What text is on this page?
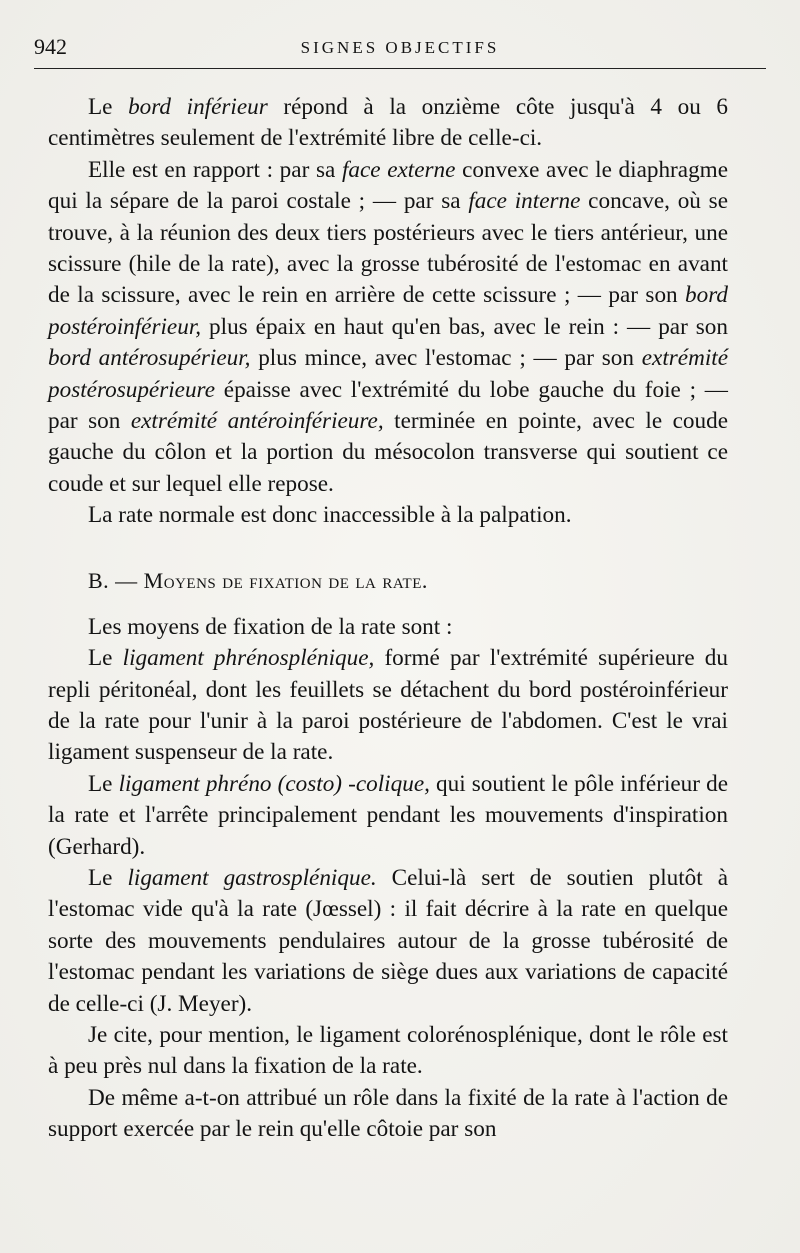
942	SIGNES OBJECTIFS

Le bord inférieur répond à la onzième côte jusqu'à 4 ou 6 centimètres seulement de l'extrémité libre de celle-ci.

Elle est en rapport : par sa face externe convexe avec le diaphragme qui la sépare de la paroi costale ; — par sa face interne concave, où se trouve, à la réunion des deux tiers postérieurs avec le tiers antérieur, une scissure (hile de la rate), avec la grosse tubérosité de l'estomac en avant de la scissure, avec le rein en arrière de cette scissure ; — par son bord postéroinférieur, plus épaix en haut qu'en bas, avec le rein : — par son bord antérosupérieur, plus mince, avec l'estomac ; — par son extrémité postérosupérieure épaisse avec l'extrémité du lobe gauche du foie ; — par son extrémité antéroinférieure, terminée en pointe, avec le coude gauche du côlon et la portion du mésocolon transverse qui soutient ce coude et sur lequel elle repose.

La rate normale est donc inaccessible à la palpation.

B. — Moyens de fixation de la rate.

Les moyens de fixation de la rate sont :

Le ligament phrénosplénique, formé par l'extrémité supérieure du repli péritonéal, dont les feuillets se détachent du bord postéroinférieur de la rate pour l'unir à la paroi postérieure de l'abdomen. C'est le vrai ligament suspenseur de la rate.

Le ligament phréno (costo) -colique, qui soutient le pôle inférieur de la rate et l'arrête principalement pendant les mouvements d'inspiration (Gerhard).

Le ligament gastrosplénique. Celui-là sert de soutien plutôt à l'estomac vide qu'à la rate (Jœssel) : il fait décrire à la rate en quelque sorte des mouvements pendulaires autour de la grosse tubérosité de l'estomac pendant les variations de siège dues aux variations de capacité de celle-ci (J. Meyer).

Je cite, pour mention, le ligament colorénosplénique, dont le rôle est à peu près nul dans la fixation de la rate.

De même a-t-on attribué un rôle dans la fixité de la rate à l'action de support exercée par le rein qu'elle côtoie par son
